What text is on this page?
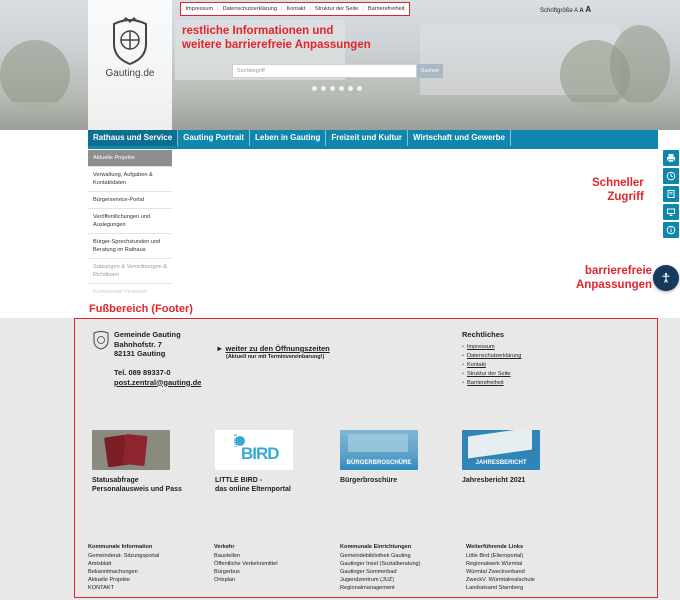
Gauting.de
Impressum | Datenschutzerklärung | Kontakt | Struktur der Seite | Barrierefreiheit	Schriftgröße A A A
restliche Informationen und
weitere barrierefreie Anpassungen
Suchbegriff	Suchen
Rathaus und Service	Gauting Portrait	Leben in Gauting	Freizeit und Kultur	Wirtschaft und Gewerbe
Aktuelle Projekte
Verwaltung, Aufgaben & Kontaktdaten
Bürgerservice-Portal
Veröffentlichungen und Auslegungen
Bürger-Sprechstunden und Beratung im Rathaus
Satzungen & Verordnungen & Richtlinien
Kommunale Finanzen
Schneller
Zugriff
barrierefreie
Anpassungen
Fußbereich (Footer)
Gemeinde Gauting
Bahnhofstr. 7
82131 Gauting
Tel. 089 89337-0
post.zentral@gauting.de
► weiter zu den Öffnungszeiten
(Aktuell nur mit Terminvereinbarung!)
Rechtliches
• Impressum
• Datenschutzerklärung
• Kontakt
• Struktur der Seite
• Barrierefreiheit
Statusabfrage
Personalausweis und Pass
LITTLE
BIRD
LITTLE BIRD -
das online Elternportal
BÜRGERBROSCHÜRE
Bürgerbroschüre
JAHRESBERICHT
Jahresbericht 2021
Kommunale Information
Gemeinderat- Sitzungsportal
Amtsblatt
Bekanntmachungen
Aktuelle Projekte
KONTAKT
Verkehr
Baustellen
Öffentliche Verkehrsmittel
Bürgerbus
Ortsplan
Kommunale Einrichtungen
Gemeindebibliothek Gauting
Gautinger Insel (Sozialberatung)
Gautinger Sommerbad
Jugendzentrum (JUZ)
Regionalmanagement
Weiterführende Links
Little Bird (Elternportal)
Regionalwerk Würmtal
Würmtal Zweckverband
ZweckV. Würmtalrealschule
Landratsamt Starnberg
